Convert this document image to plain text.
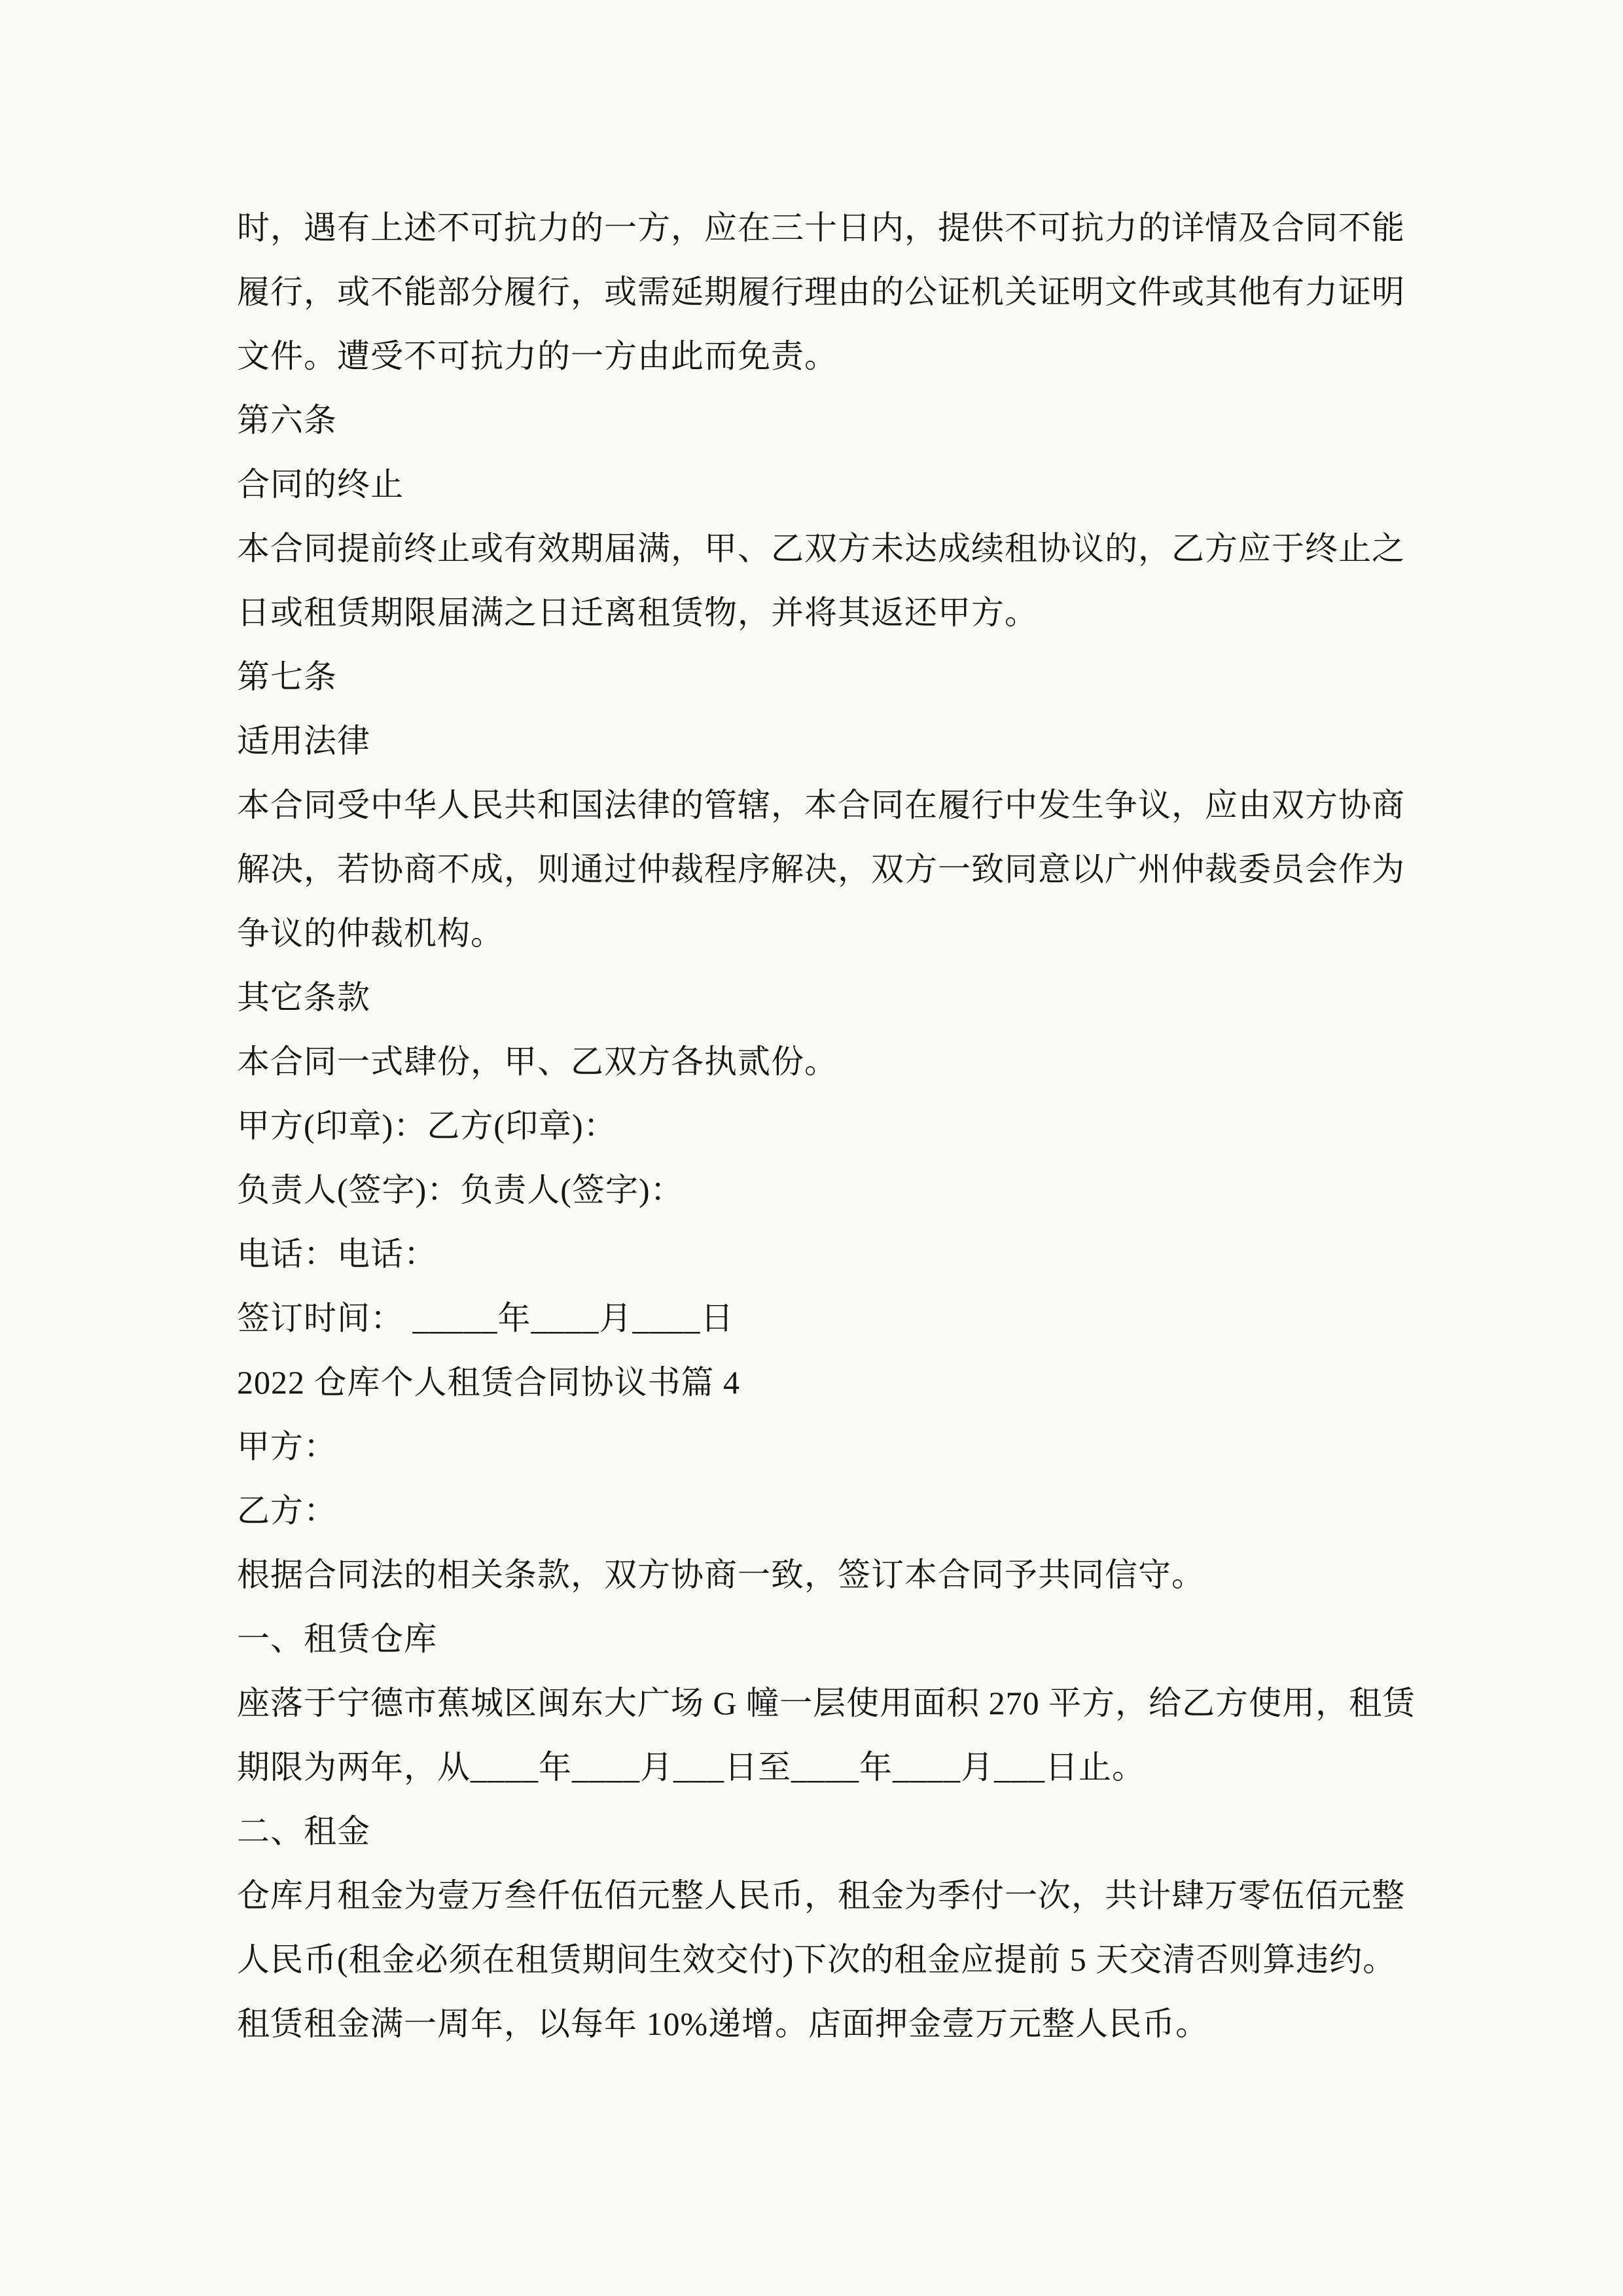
时，遇有上述不可抗力的一方，应在三十日内，提供不可抗力的详情及合同不能
履行，或不能部分履行，或需延期履行理由的公证机关证明文件或其他有力证明
文件。遭受不可抗力的一方由此而免责。
第六条
合同的终止
本合同提前终止或有效期届满，甲、乙双方未达成续租协议的，乙方应于终止之
日或租赁期限届满之日迁离租赁物，并将其返还甲方。
第七条
适用法律
本合同受中华人民共和国法律的管辖，本合同在履行中发生争议，应由双方协商
解决，若协商不成，则通过仲裁程序解决，双方一致同意以广州仲裁委员会作为
争议的仲裁机构。
其它条款
本合同一式肆份，甲、乙双方各执贰份。
甲方(印章)：乙方(印章)：
负责人(签字)：负责人(签字)：
电话：电话：
签订时间： _____年____月____日
2022 仓库个人租赁合同协议书篇 4
甲方：
乙方：
根据合同法的相关条款，双方协商一致，签订本合同予共同信守。
一、租赁仓库
座落于宁德市蕉城区闽东大广场 G 幢一层使用面积 270 平方，给乙方使用，租赁
期限为两年，从____年____月___日至____年____月___日止。
二、租金
仓库月租金为壹万叁仟伍佰元整人民币，租金为季付一次，共计肆万零伍佰元整
人民币(租金必须在租赁期间生效交付)下次的租金应提前 5 天交清否则算违约。
租赁租金满一周年，以每年 10%递增。店面押金壹万元整人民币。
